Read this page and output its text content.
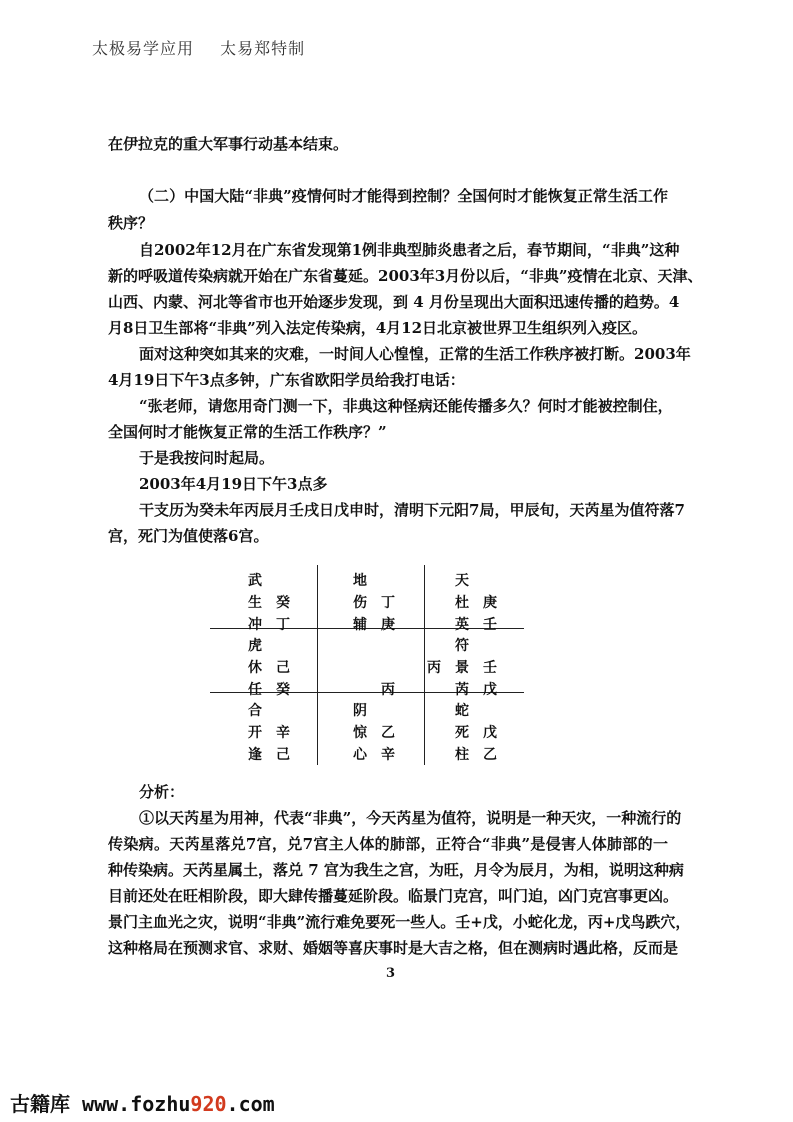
太极易学应用 太易郑特制
在伊拉克的重大军事行动基本结束。
（二）中国大陆“非典”疫情何时才能得到控制？全国何时才能恢复正常生活工作
秩序？
自2002年12月在广东省发现第1例非典型肺炎患者之后，春节期间，“非典”这种
新的呼吸道传染病就开始在广东省蔓延。2003年3月份以后，“非典”疫情在北京、天津、
山西、内蒙、河北等省市也开始逐步发现，到 4 月份呈现出大面积迅速传播的趋势。4
月8日卫生部将“非典”列入法定传染病，4月12日北京被世界卫生组织列入疫区。
面对这种突如其来的灾难，一时间人心惶惶，正常的生活工作秩序被打断。2003年
4月19日下午3点多钟，广东省欧阳学员给我打电话：
“张老师，请您用奇门测一下，非典这种怪病还能传播多久？何时才能被控制住，
全国何时才能恢复正常的生活工作秩序？”
于是我按问时起局。
2003年4月19日下午3点多
干支历为癸未年丙辰月壬戌日戊申时，清明下元阳7局，甲辰旬，天芮星为值符落7
宫，死门为值使落6宫。
武
生 癸
冲 丁
地
伤 丁
辅 庚
天
杜 庚
英 壬
虎
休 己
任 癸	丙
符
景 壬
芮 戊
丙
合
开 辛
逢 己
阴
惊 乙
心 辛
蛇
死 戊
柱 乙
分析：
①以天芮星为用神，代表“非典”，今天芮星为值符，说明是一种天灾，一种流行的
传染病。天芮星落兑7宫，兑7宫主人体的肺部，正符合“非典”是侵害人体肺部的一
种传染病。天芮星属土，落兑 7 宫为我生之宫，为旺，月令为辰月，为相，说明这种病
目前还处在旺相阶段，即大肆传播蔓延阶段。临景门克宫，叫门迫，凶门克宫事更凶。
景门主血光之灾，说明“非典”流行难免要死一些人。壬+戊，小蛇化龙，丙+戊鸟跌穴，
这种格局在预测求官、求财、婚姻等喜庆事时是大吉之格，但在测病时遇此格，反而是
3
古籍库 www.fozhu920.com
